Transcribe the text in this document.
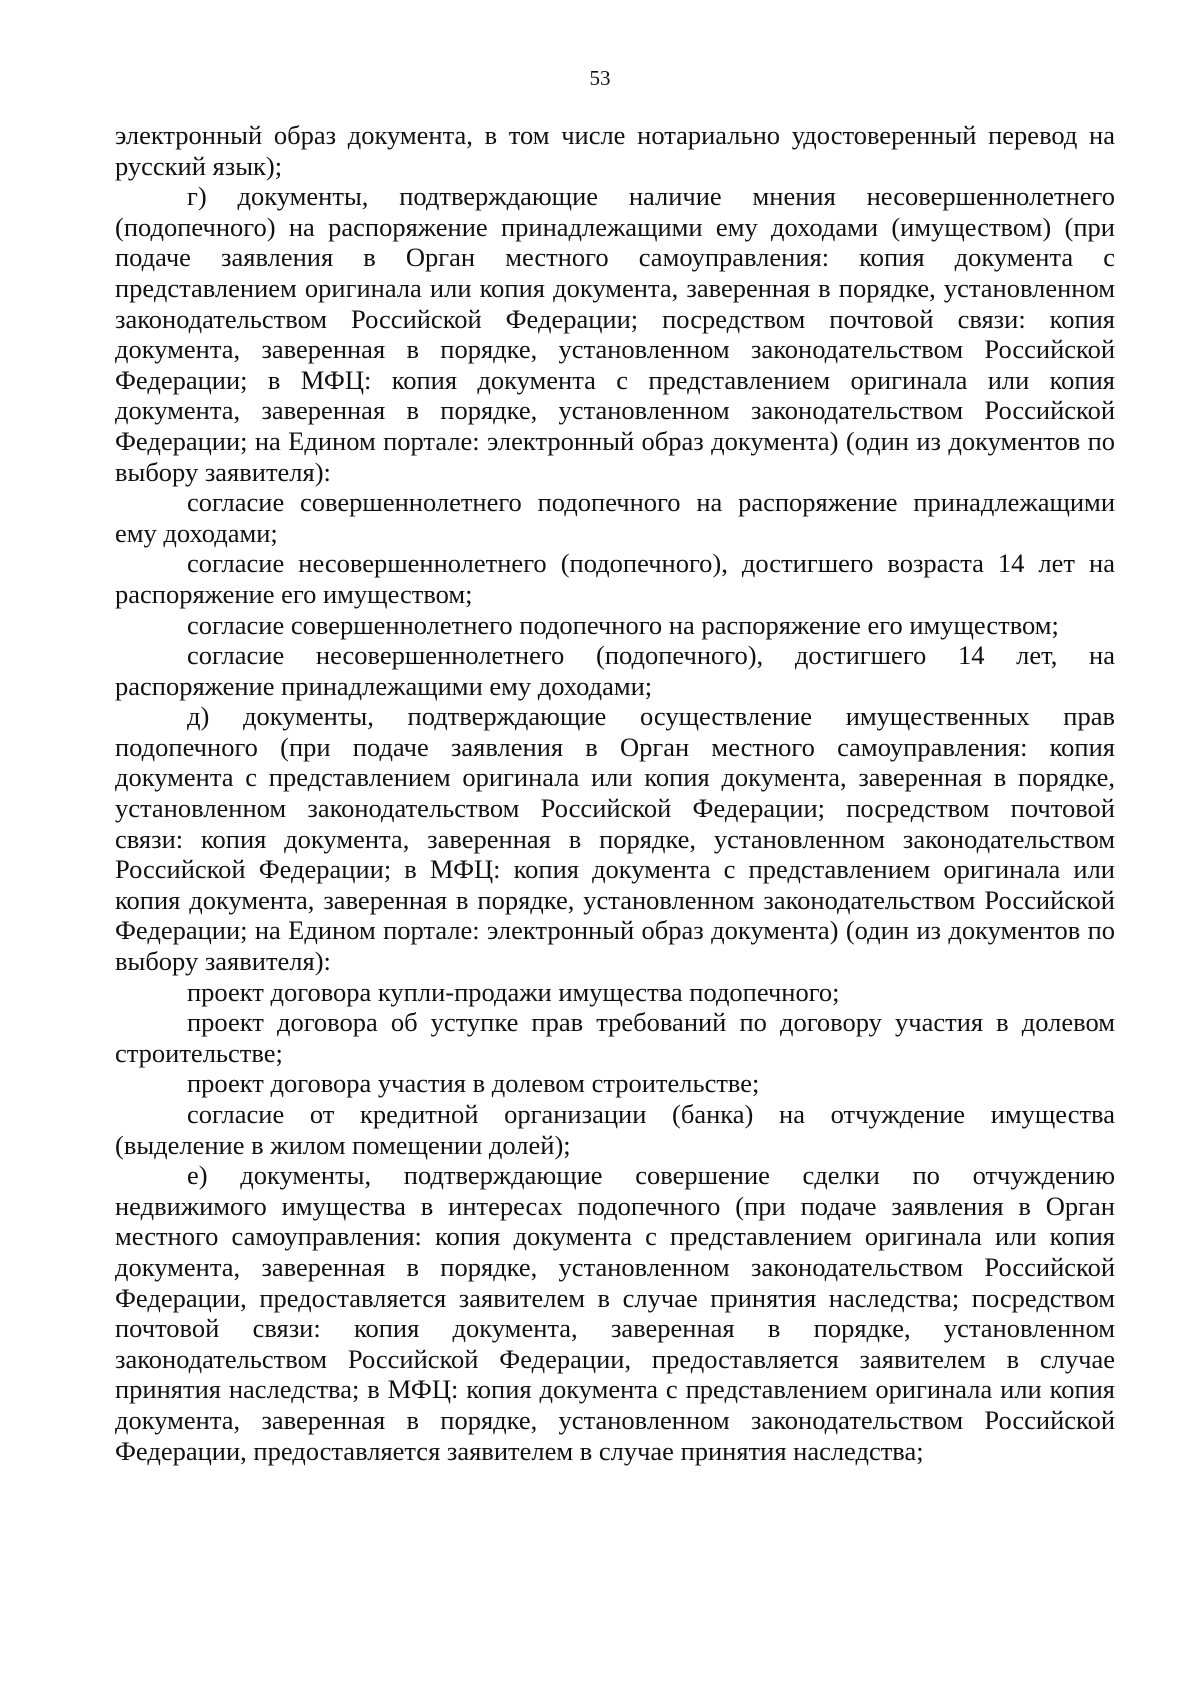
53

электронный образ документа, в том числе нотариально удостоверенный перевод на русский язык);

г) документы, подтверждающие наличие мнения несовершеннолетнего (подопечного) на распоряжение принадлежащими ему доходами (имуществом) (при подаче заявления в Орган местного самоуправления: копия документа с представлением оригинала или копия документа, заверенная в порядке, установленном законодательством Российской Федерации; посредством почтовой связи: копия документа, заверенная в порядке, установленном законодательством Российской Федерации; в МФЦ: копия документа с представлением оригинала или копия документа, заверенная в порядке, установленном законодательством Российской Федерации; на Едином портале: электронный образ документа) (один из документов по выбору заявителя):

согласие совершеннолетнего подопечного на распоряжение принадлежащими ему доходами;

согласие несовершеннолетнего (подопечного), достигшего возраста 14 лет на распоряжение его имуществом;

согласие совершеннолетнего подопечного на распоряжение его имуществом;

согласие несовершеннолетнего (подопечного), достигшего 14 лет, на распоряжение принадлежащими ему доходами;

д) документы, подтверждающие осуществление имущественных прав подопечного (при подаче заявления в Орган местного самоуправления: копия документа с представлением оригинала или копия документа, заверенная в порядке, установленном законодательством Российской Федерации; посредством почтовой связи: копия документа, заверенная в порядке, установленном законодательством Российской Федерации; в МФЦ: копия документа с представлением оригинала или копия документа, заверенная в порядке, установленном законодательством Российской Федерации; на Едином портале: электронный образ документа) (один из документов по выбору заявителя):

проект договора купли-продажи имущества подопечного;

проект договора об уступке прав требований по договору участия в долевом строительстве;

проект договора участия в долевом строительстве;

согласие от кредитной организации (банка) на отчуждение имущества (выделение в жилом помещении долей);

е) документы, подтверждающие совершение сделки по отчуждению недвижимого имущества в интересах подопечного (при подаче заявления в Орган местного самоуправления: копия документа с представлением оригинала или копия документа, заверенная в порядке, установленном законодательством Российской Федерации, предоставляется заявителем в случае принятия наследства; посредством почтовой связи: копия документа, заверенная в порядке, установленном законодательством Российской Федерации, предоставляется заявителем в случае принятия наследства; в МФЦ: копия документа с представлением оригинала или копия документа, заверенная в порядке, установленном законодательством Российской Федерации, предоставляется заявителем в случае принятия наследства;
